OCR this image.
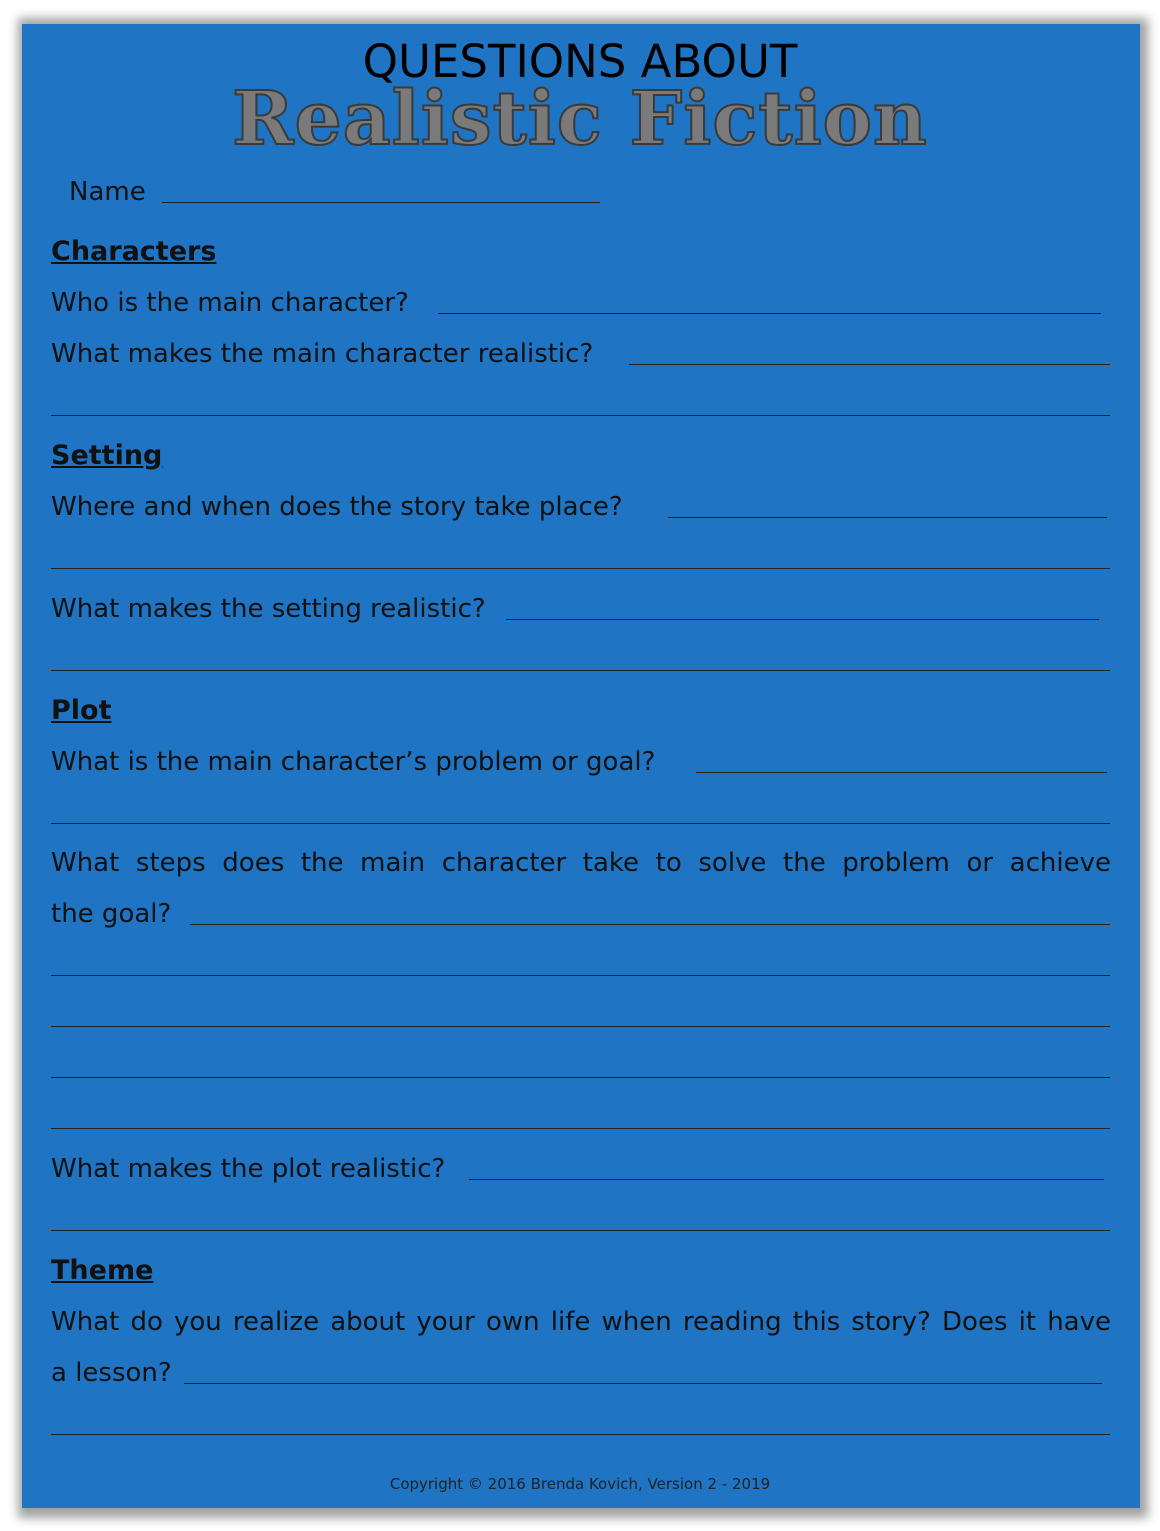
QUESTIONS ABOUT
Realistic Fiction
Name
Characters
Who is the main character?
What makes the main character realistic?
Setting
Where and when does the story take place?
What makes the setting realistic?
Plot
What is the main character’s problem or goal?
What steps does the main character take to solve the problem or achieve
the goal?
What makes the plot realistic?
Theme
What do you realize about your own life when reading this story? Does it have
a lesson?
Copyright © 2016 Brenda Kovich, Version 2 - 2019
